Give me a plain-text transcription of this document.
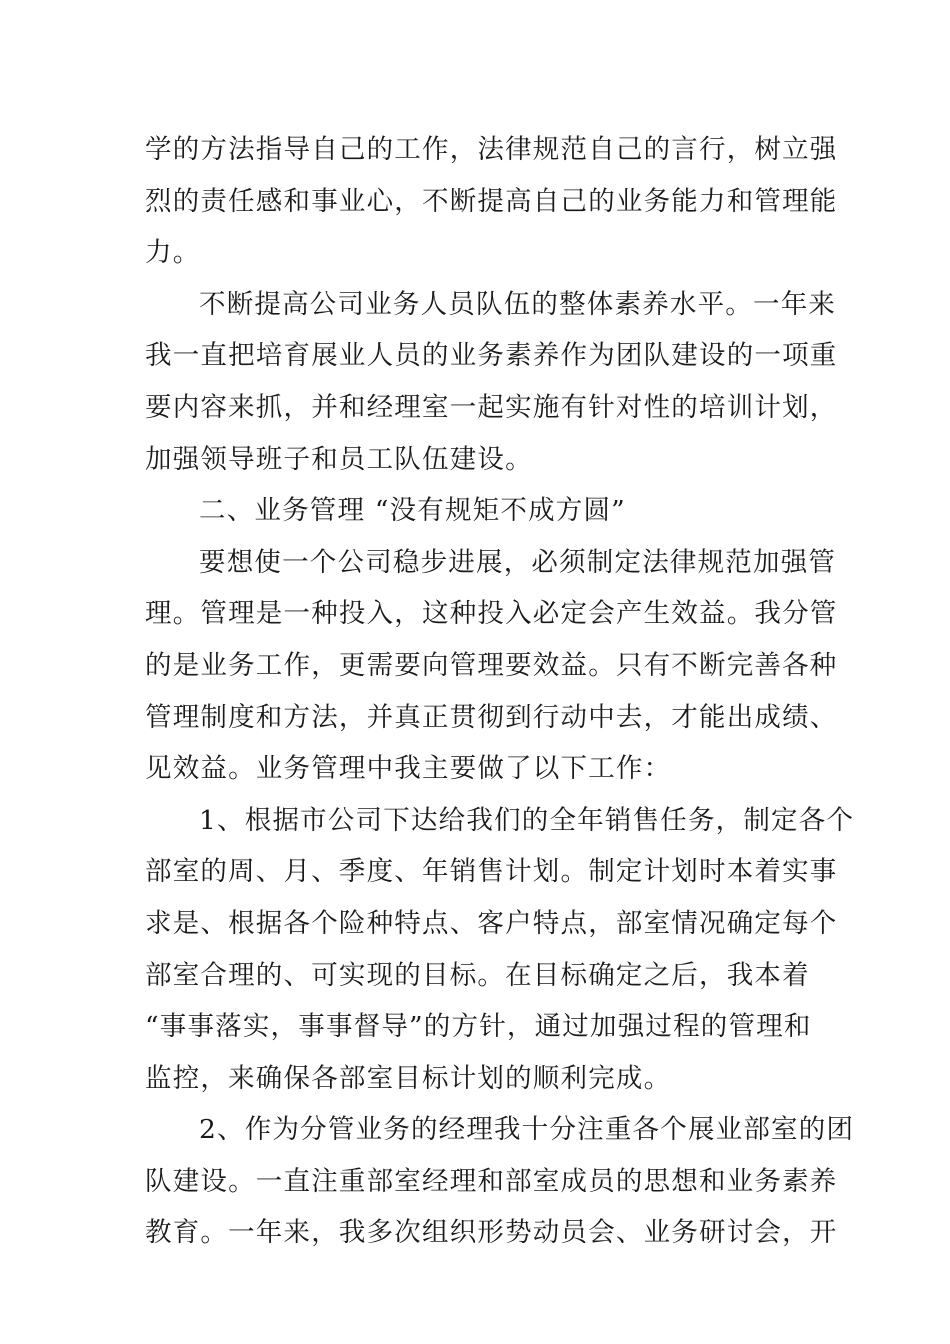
学的方法指导自己的工作，法律规范自己的言行，树立强
烈的责任感和事业心，不断提高自己的业务能力和管理能
力。
不断提高公司业务人员队伍的整体素养水平。一年来
我一直把培育展业人员的业务素养作为团队建设的一项重
要内容来抓，并和经理室一起实施有针对性的培训计划，
加强领导班子和员工队伍建设。
二、业务管理 “没有规矩不成方圆”
要想使一个公司稳步进展，必须制定法律规范加强管
理。管理是一种投入，这种投入必定会产生效益。我分管
的是业务工作，更需要向管理要效益。只有不断完善各种
管理制度和方法，并真正贯彻到行动中去，才能出成绩、
见效益。业务管理中我主要做了以下工作：
1、根据市公司下达给我们的全年销售任务，制定各个
部室的周、月、季度、年销售计划。制定计划时本着实事
求是、根据各个险种特点、客户特点，部室情况确定每个
部室合理的、可实现的目标。在目标确定之后，我本着
“事事落实，事事督导”的方针，通过加强过程的管理和
监控，来确保各部室目标计划的顺利完成。
2、作为分管业务的经理我十分注重各个展业部室的团
队建设。一直注重部室经理和部室成员的思想和业务素养
教育。一年来，我多次组织形势动员会、业务研讨会，开
